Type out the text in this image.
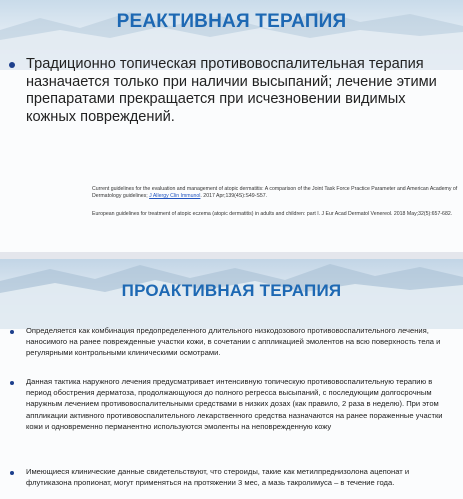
РЕАКТИВНАЯ ТЕРАПИЯ
Традиционно топическая противовоспалительная терапия назначается только при наличии высыпаний; лечение этими препаратами прекращается при исчезновении видимых кожных повреждений.
Current guidelines for the evaluation and management of atopic dermatitis: A comparison of the Joint Task Force Practice Parameter and American Academy of Dermatology guidelines; J Allergy Clin Immunol. 2017 Apr;139(4S):S49-S57.
European guidelines for treatment of atopic eczema (atopic dermatitis) in adults and children: part I. J Eur Acad Dermatol Venereol. 2018 May;32(5):657-682.
ПРОАКТИВНАЯ ТЕРАПИЯ
Определяется как комбинация предопределенного длительного низкодозового противовоспалительного лечения, наносимого на ранее поврежденные участки кожи, в сочетании с аппликацией эмолентов на всю поверхность тела и регулярными контрольными клиническими осмотрами.
Данная тактика наружного лечения предусматривает интенсивную топическую противовоспалительную терапию в период обострения дерматоза, продолжающуюся до полного регресса высыпаний, с последующим долгосрочным наружным лечением противовоспалительными средствами в низких дозах (как правило, 2 раза в неделю). При этом аппликации активного противовоспалительного лекарственного средства назначаются на ранее пораженные участки кожи и одновременно перманентно используются эмоленты на неповрежденную кожу
Имеющиеся клинические данные свидетельствуют, что стероиды, такие как метилпреднизолона ацепонат и флутиказона пропионат, могут применяться на протяжении 3 мес, а мазь такролимуса – в течение года.
